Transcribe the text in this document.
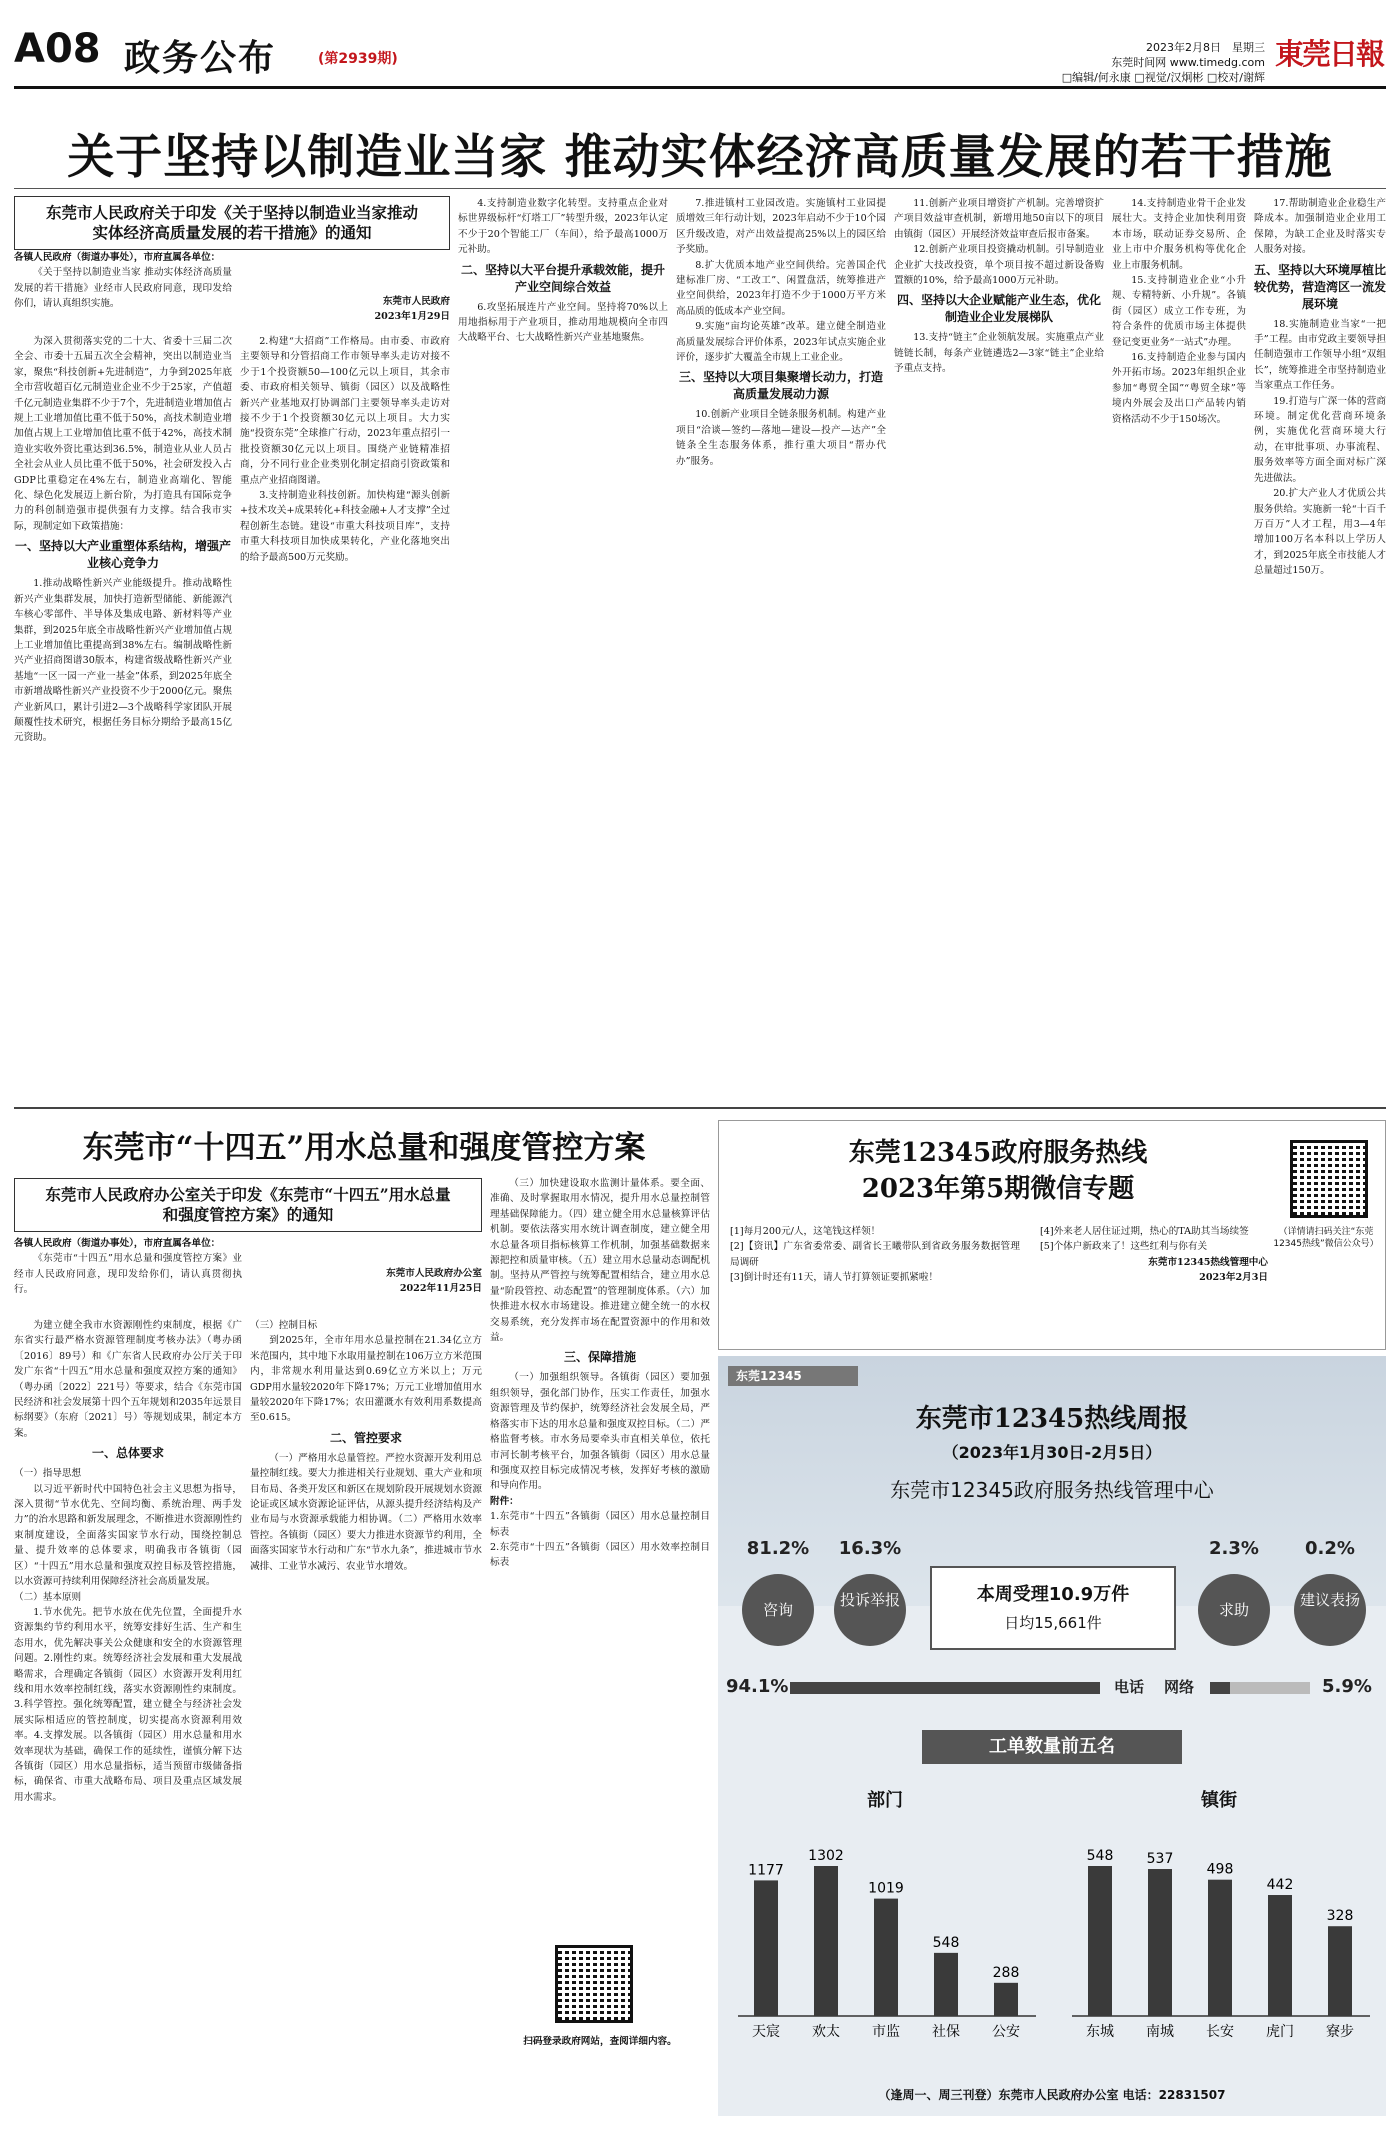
A08 政务公布	(第2939期)
2023年2月8日　星期三
东莞时间网 www.timedg.com
□编辑/何永康 □视觉/汉炯彬 □校对/谢辉
東莞日報
关于坚持以制造业当家 推动实体经济高质量发展的若干措施
东莞市人民政府关于印发《关于坚持以制造业当家推动实体经济高质量发展的若干措施》的通知
各镇人民政府（街道办事处），市府直属各单位：

《关于坚持以制造业当家 推动实体经济高质量发展的若干措施》业经市人民政府同意，现印发给你们，请认真组织实施。	东莞市人民政府
2023年1月29日

为深入贯彻落实党的二十大、省委十三届二次全会、市委十五届五次全会精神，突出以制造业当家，聚焦“科技创新+先进制造”，力争到2025年底全市营收超百亿元制造业企业不少于25家，产值超千亿元制造业集群不少于7个，先进制造业增加值占规上工业增加值比重不低于50%，高技术制造业增加值占规上工业增加值比重不低于42%，高技术制造业实收外资比重达到36.5%，制造业从业人员占全社会从业人员比重不低于50%，社会研发投入占GDP比重稳定在4%左右，制造业高端化、智能化、绿色化发展迈上新台阶，为打造具有国际竞争力的科创制造强市提供强有力支撑。结合我市实际，现制定如下政策措施：

一、坚持以大产业重塑体系结构，增强产业核心竞争力

1.推动战略性新兴产业能级提升。推动战略性新兴产业集群发展，加快打造新型储能、新能源汽车核心零部件、半导体及集成电路、新材料等产业集群，到2025年底全市战略性新兴产业增加值占规上工业增加值比重提高到38%左右。编制战略性新兴产业招商图谱30版本，构建省级战略性新兴产业基地“一区一园一产业一基金”体系，到2025年底全市新增战略性新兴产业投资不少于2000亿元。聚焦产业新风口，累计引进2—3个战略科学家团队开展颠覆性技术研究，根据任务目标分期给予最高15亿元资助。

2.构建“大招商”工作格局。由市委、市政府主要领导和分管招商工作市领导率头走访对接不少于1个投资额50—100亿元以上项目，其余市委、市政府相关领导、镇街（园区）以及战略性新兴产业基地双打协调部门主要领导率头走访对接不少于1个投资额30亿元以上项目。大力实施“投资东莞”全球推广行动，2023年重点招引一批投资额30亿元以上项目。围绕产业链精准招商，分不同行业企业类别化制定招商引资政策和重点产业招商图谱。

3.支持制造业科技创新。加快构建“源头创新+技术攻关+成果转化+科技金融+人才支撑”全过程创新生态链。建设“市重大科技项目库”，支持市重大科技项目加快成果转化，产业化落地突出的给予最高500万元奖励。

4.支持制造业数字化转型。支持重点企业对标世界级标杆“灯塔工厂”转型升级，2023年认定不少于20个智能工厂（车间），给予最高1000万元补助。

二、坚持以大平台提升承载效能，提升产业空间综合效益

6.攻坚拓展连片产业空间。坚持将70%以上用地指标用于产业项目，推动用地规模向全市四大战略平台、七大战略性新兴产业基地聚焦。

7.推进镇村工业园改造。实施镇村工业园提质增效三年行动计划，2023年启动不少于10个园区升级改造，对产出效益提高25%以上的园区给予奖励。

8.扩大优质本地产业空间供给。完善国企代建标准厂房、“工改工”、闲置盘活，统筹推进产业空间供给，2023年打造不少于1000万平方米高品质的低成本产业空间。

9.实施“亩均论英雄”改革。建立健全制造业高质量发展综合评价体系，2023年试点实施企业评价，逐步扩大覆盖全市规上工业企业。

三、坚持以大项目集聚增长动力，打造高质量发展动力源

10.创新产业项目全链条服务机制。构建产业项目“洽谈—签约—落地—建设—投产—达产”全链条全生态服务体系，推行重大项目“帮办代办”服务。

11.创新产业项目增资扩产机制。完善增资扩产项目效益审查机制，新增用地50亩以下的项目由镇街（园区）开展经济效益审查后报市备案。

12.创新产业项目投资撬动机制。引导制造业企业扩大技改投资，单个项目按不超过新设备购置额的10%，给予最高1000万元补助。

四、坚持以大企业赋能产业生态，优化制造业企业发展梯队

13.支持“链主”企业领航发展。实施重点产业链链长制，每条产业链遴选2—3家“链主”企业给予重点支持。

14.支持制造业骨干企业发展壮大。支持企业加快利用资本市场，联动证券交易所、企业上市中介服务机构等优化企业上市服务机制。

15.支持制造业企业“小升规、专精特新、小升规”。各镇街（园区）成立工作专班，为符合条件的优质市场主体提供登记变更业务“一站式”办理。

16.支持制造企业参与国内外开拓市场。2023年组织企业参加“粤贸全国”“粤贸全球”等境内外展会及出口产品转内销资格活动不少于150场次。

17.帮助制造业企业稳生产降成本。加强制造业企业用工保障，为缺工企业及时落实专人服务对接。

五、坚持以大环境厚植比较优势，营造湾区一流发展环境

18.实施制造业当家“一把手”工程。由市党政主要领导担任制造强市工作领导小组“双组长”，统筹推进全市坚持制造业当家重点工作任务。

19.打造与广深一体的营商环境。制定优化营商环境条例，实施优化营商环境大行动，在审批事项、办事流程、服务效率等方面全面对标广深先进做法。

20.扩大产业人才优质公共服务供给。实施新一轮“十百千万百万”人才工程，用3—4年增加100万名本科以上学历人才，到2025年底全市技能人才总量超过150万。

东莞市“十四五”用水总量和强度管控方案
东莞市人民政府办公室关于印发《东莞市“十四五”用水总量和强度管控方案》的通知
各镇人民政府（街道办事处），市府直属各单位：

《东莞市“十四五”用水总量和强度管控方案》业经市人民政府同意，现印发给你们，请认真贯彻执行。

东莞市人民政府办公室
2022年11月25日

为建立健全我市水资源刚性约束制度，根据《广东省实行最严格水资源管理制度考核办法》（粤办函〔2016〕89号）和《广东省人民政府办公厅关于印发广东省“十四五”用水总量和强度双控方案的通知》（粤办函〔2022〕221号）等要求，结合《东莞市国民经济和社会发展第十四个五年规划和2035年远景目标纲要》（东府〔2021〕号）等规划成果，制定本方案。

一、总体要求
（一）指导思想

以习近平新时代中国特色社会主义思想为指导，深入贯彻“节水优先、空间均衡、系统治理、两手发力”的治水思路和新发展理念，不断推进水资源刚性约束制度建设，全面落实国家节水行动，围绕控制总量、提升效率的总体要求，明确我市各镇街（园区）“十四五”用水总量和强度双控目标及管控措施，以水资源可持续利用保障经济社会高质量发展。

（二）基本原则

1.节水优先。把节水放在优先位置，全面提升水资源集约节约利用水平，统筹安排好生活、生产和生态用水，优先解决事关公众健康和安全的水资源管理问题。2.刚性约束。统筹经济社会发展和重大发展战略需求，合理确定各镇街（园区）水资源开发利用红线和用水效率控制红线，落实水资源刚性约束制度。3.科学管控。强化统筹配置，建立健全与经济社会发展实际相适应的管控制度，切实提高水资源利用效率。4.支撑发展。以各镇街（园区）用水总量和用水效率现状为基础，确保工作的延续性，谨慎分解下达各镇街（园区）用水总量指标，适当预留市级储备指标，确保省、市重大战略布局、项目及重点区域发展用水需求。

（三）控制目标

到2025年，全市年用水总量控制在21.34亿立方米范围内，其中地下水取用量控制在106万立方米范围内，非常规水利用量达到0.69亿立方米以上；万元GDP用水量较2020年下降17%；万元工业增加值用水量较2020年下降17%；农田灌溉水有效利用系数提高至0.615。

二、管控要求

（一）严格用水总量管控。严控水资源开发利用总量控制红线。要大力推进相关行业规划、重大产业和项目布局、各类开发区和新区在规划阶段开展规划水资源论证或区域水资源论证评估，从源头提升经济结构及产业布局与水资源承载能力相协调。（二）严格用水效率管控。各镇街（园区）要大力推进水资源节约利用，全面落实国家节水行动和广东“节水九条”，推进城市节水减排、工业节水减污、农业节水增效。

（三）加快建设取水监测计量体系。要全面、准确、及时掌握取用水情况，提升用水总量控制管理基础保障能力。（四）建立健全用水总量核算评估机制。要依法落实用水统计调查制度，建立健全用水总量各项目指标核算工作机制，加强基础数据来源把控和质量审核。（五）建立用水总量动态调配机制。坚持从严管控与统筹配置相结合，建立用水总量“阶段管控、动态配置”的管理制度体系。（六）加快推进水权水市场建设。推进建立健全统一的水权交易系统，充分发挥市场在配置资源中的作用和效益。

三、保障措施

（一）加强组织领导。各镇街（园区）要加强组织领导，强化部门协作，压实工作责任，加强水资源管理及节约保护，统筹经济社会发展全局，严格落实市下达的用水总量和强度双控目标。（二）严格监督考核。市水务局要牵头市直相关单位，依托市河长制考核平台，加强各镇街（园区）用水总量和强度双控目标完成情况考核，发挥好考核的激励和导向作用。

附件：
1.东莞市“十四五”各镇街（园区）用水总量控制目标表
2.东莞市“十四五”各镇街（园区）用水效率控制目标表
扫码登录政府网站，查阅详细内容。
东莞12345政府服务热线
2023年第5期微信专题
（详情请扫码关注“东莞12345热线”微信公众号）
[1]每月200元/人，这笔钱这样领！
[2]【资讯】广东省委常委、副省长王曦带队到省政务服务数据管理局调研
[3]倒计时还有11天，请人节打算领证要抓紧啦！
[4]外来老人居住证过期，热心的TA助其当场续签
[5]个体户新政来了！这些红利与你有关
东莞市12345热线管理中心
2023年2月3日
东莞12345
东莞市12345热线周报
（2023年1月30日-2月5日）
东莞市12345政府服务热线管理中心
81.2%	16.3%	2.3%	0.2%
咨询
投诉举报
求助
建议表扬
本周受理10.9万件
日均15,661件
94.1%	电话	网络	5.9%
工单数量前五名
部门	镇街
1177
天宸
1302
欢太
1019
市监
548
社保
288
公安
548
东城
537
南城
498
长安
442
虎门
328
寮步
（逢周一、周三刊登）东莞市人民政府办公室 电话：22831507
